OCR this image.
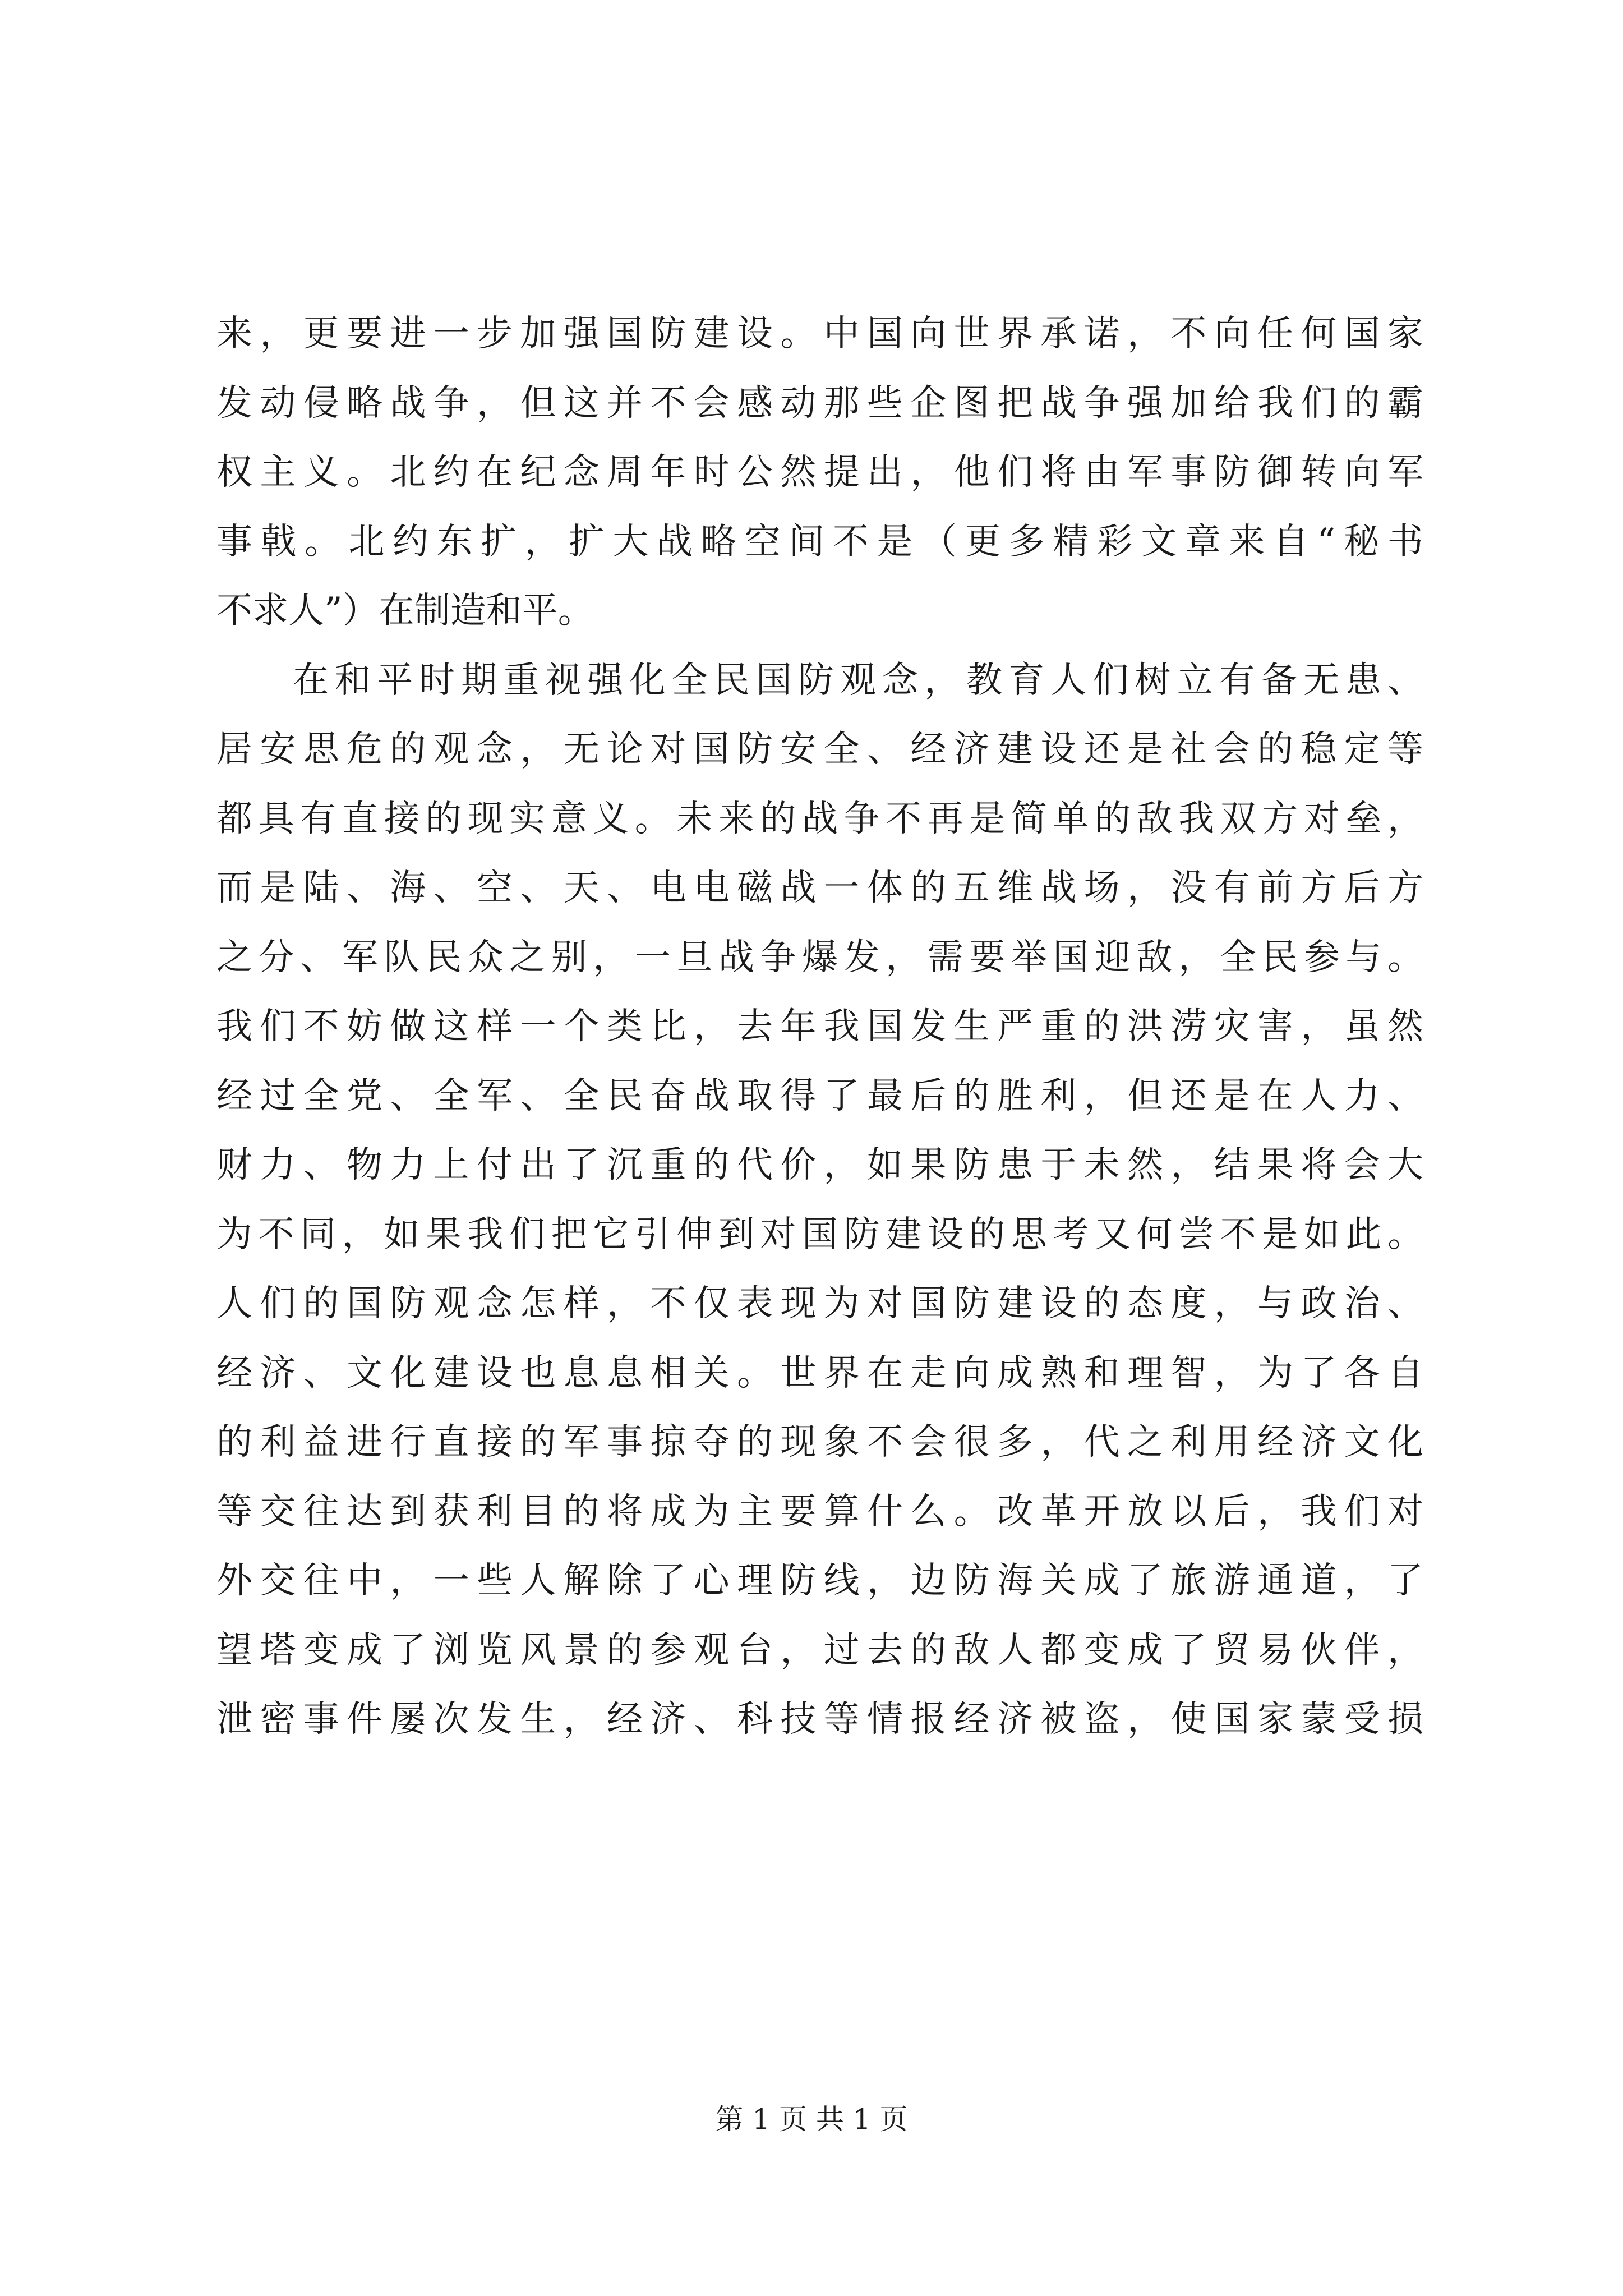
来，更要进一步加强国防建设。中国向世界承诺，不向任何国家
发动侵略战争，但这并不会感动那些企图把战争强加给我们的霸
权主义。北约在纪念周年时公然提出，他们将由军事防御转向军
事戟。北约东扩，扩大战略空间不是（更多精彩文章来自“秘书
不求人”）在制造和平。
在和平时期重视强化全民国防观念，教育人们树立有备无患、
居安思危的观念，无论对国防安全、经济建设还是社会的稳定等
都具有直接的现实意义。未来的战争不再是简单的敌我双方对垒，
而是陆、海、空、天、电电磁战一体的五维战场，没有前方后方
之分、军队民众之别，一旦战争爆发，需要举国迎敌，全民参与。
我们不妨做这样一个类比，去年我国发生严重的洪涝灾害，虽然
经过全党、全军、全民奋战取得了最后的胜利，但还是在人力、
财力、物力上付出了沉重的代价，如果防患于未然，结果将会大
为不同，如果我们把它引伸到对国防建设的思考又何尝不是如此。
人们的国防观念怎样，不仅表现为对国防建设的态度，与政治、
经济、文化建设也息息相关。世界在走向成熟和理智，为了各自
的利益进行直接的军事掠夺的现象不会很多，代之利用经济文化
等交往达到获利目的将成为主要算什么。改革开放以后，我们对
外交往中，一些人解除了心理防线，边防海关成了旅游通道，了
望塔变成了浏览风景的参观台，过去的敌人都变成了贸易伙伴，
泄密事件屡次发生，经济、科技等情报经济被盗，使国家蒙受损
第 1 页 共 1 页
